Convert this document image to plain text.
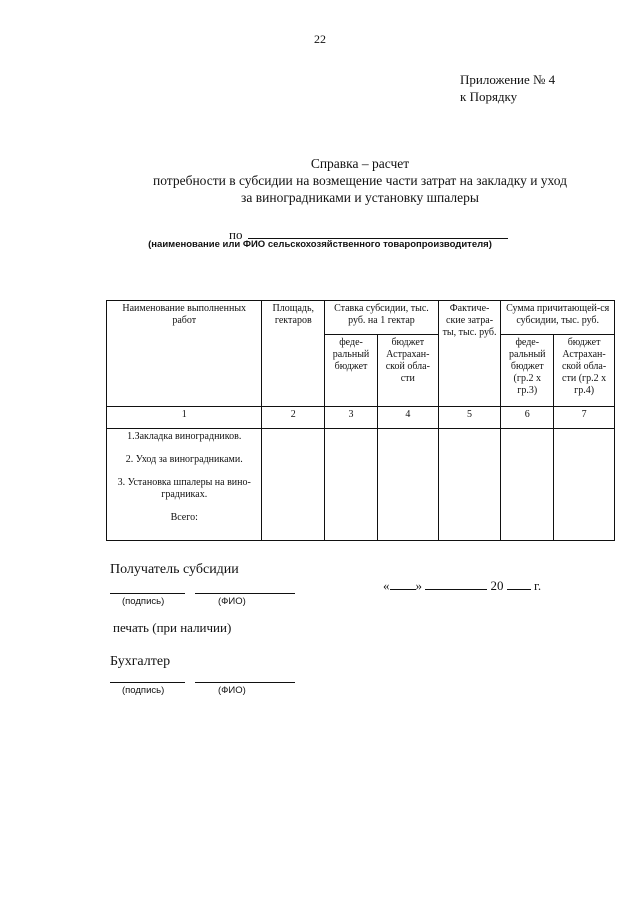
22
Приложение № 4
к Порядку
Справка – расчет
потребности в субсидии на возмещение части затрат на закладку и уход
за виноградниками и установку шпалеры
по
(наименование или ФИО сельскохозяйственного товаропроизводителя)
Наименование выполненных работ	Площадь, гектаров	Ставка субсидии, тыс. руб. на 1 гектар		Фактиче-ские затра-ты, тыс. руб.	Сумма причитающей-ся субсидии, тыс. руб.	
		феде-ральный бюджет	бюджет Астрахан-ской обла-сти		феде-ральный бюджет (гр.2 х гр.3)	бюджет Астрахан-ской обла-сти (гр.2 х гр.4)
1	2	3	4	5	6	7

1.Закладка виноградников.
2. Уход за виноградниками.
3. Установка шпалеры на вино-градниках.
Всего:						

Получатель субсидии
(подпись)	(ФИО)
« »	20 г.
печать (при наличии)
Бухгалтер
(подпись)	(ФИО)
